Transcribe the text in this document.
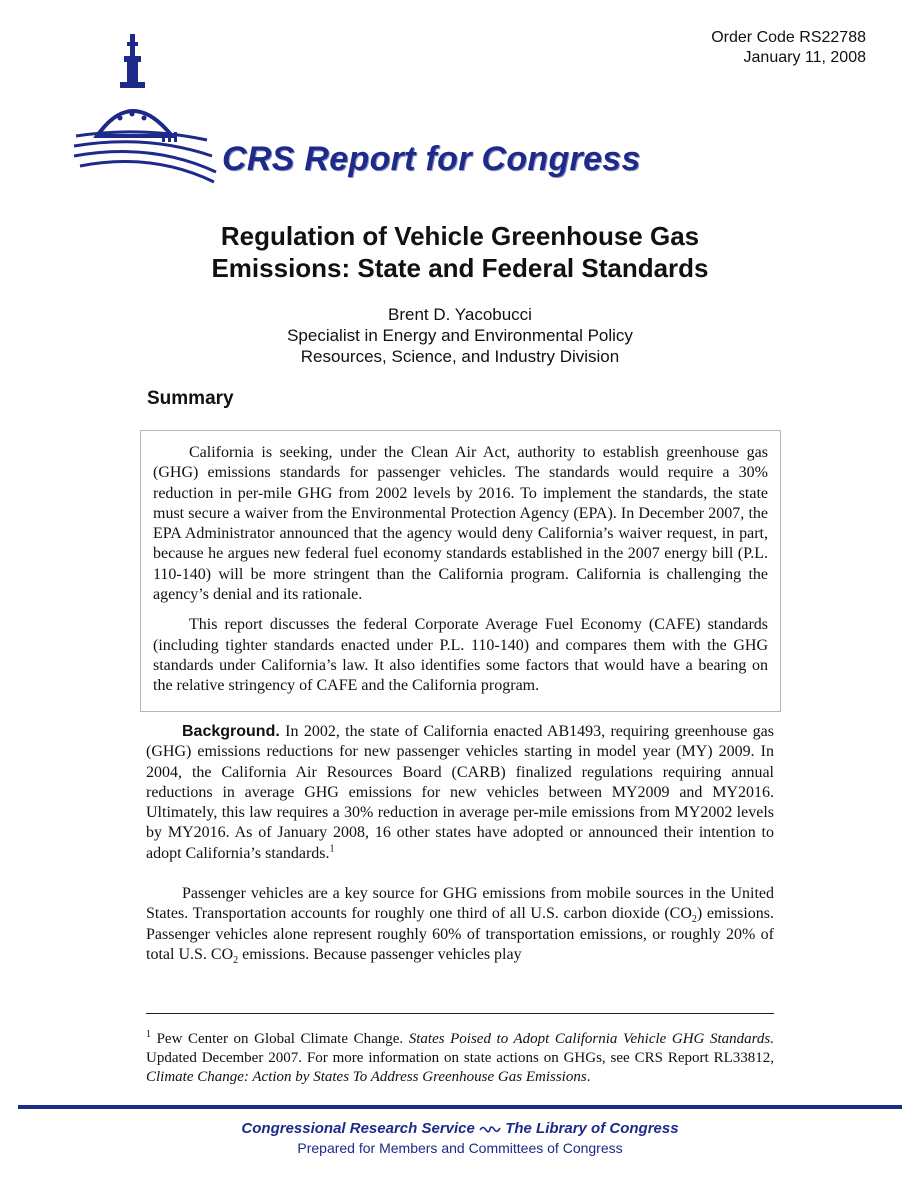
Order Code RS22788
January 11, 2008
CRS Report for Congress
Regulation of Vehicle Greenhouse Gas
Emissions: State and Federal Standards
Brent D. Yacobucci
Specialist in Energy and Environmental Policy
Resources, Science, and Industry Division
Summary

California is seeking, under the Clean Air Act, authority to establish greenhouse gas (GHG) emissions standards for passenger vehicles. The standards would require a 30% reduction in per-mile GHG from 2002 levels by 2016. To implement the standards, the state must secure a waiver from the Environmental Protection Agency (EPA). In December 2007, the EPA Administrator announced that the agency would deny California’s waiver request, in part, because he argues new federal fuel economy standards established in the 2007 energy bill (P.L. 110-140) will be more stringent than the California program. California is challenging the agency’s denial and its rationale.

This report discusses the federal Corporate Average Fuel Economy (CAFE) standards (including tighter standards enacted under P.L. 110-140) and compares them with the GHG standards under California’s law. It also identifies some factors that would have a bearing on the relative stringency of CAFE and the California program.

Background. In 2002, the state of California enacted AB1493, requiring greenhouse gas (GHG) emissions reductions for new passenger vehicles starting in model year (MY) 2009. In 2004, the California Air Resources Board (CARB) finalized regulations requiring annual reductions in average GHG emissions for new vehicles between MY2009 and MY2016. Ultimately, this law requires a 30% reduction in average per-mile emissions from MY2002 levels by MY2016. As of January 2008, 16 other states have adopted or announced their intention to adopt California’s standards.$^1$

Passenger vehicles are a key source for GHG emissions from mobile sources in the United States. Transportation accounts for roughly one third of all U.S. carbon dioxide $(CO_2)$ emissions. Passenger vehicles alone represent roughly 60% of transportation emissions, or roughly 20% of total U.S. $CO_2$ emissions. Because passenger vehicles play

$^1$ Pew Center on Global Climate Change. States Poised to Adopt California Vehicle GHG Standards. Updated December 2007. For more information on state actions on GHGs, see CRS Report RL33812, Climate Change: Action by States To Address Greenhouse Gas Emissions.
Congressional Research Service The Library of Congress
Prepared for Members and Committees of Congress
